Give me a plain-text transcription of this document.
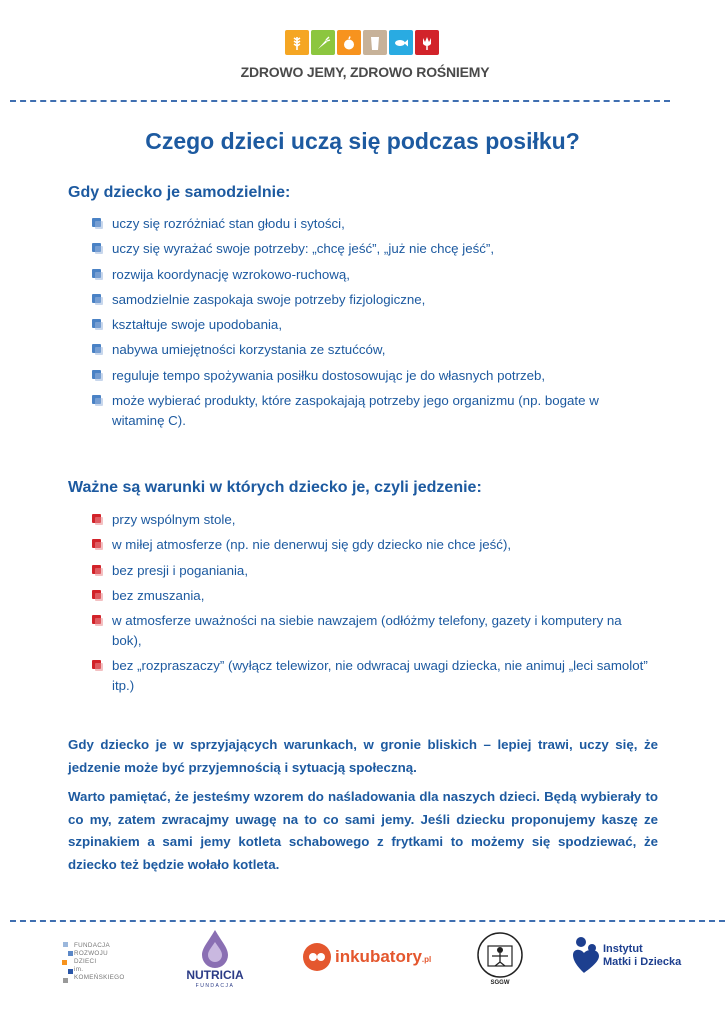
ZDROWO JEMY, ZDROWO ROŚNIEMY
Czego dzieci uczą się podczas posiłku?
Gdy dziecko je samodzielnie:
uczy się rozróżniać stan głodu i sytości,
uczy się wyrażać swoje potrzeby: „chcę jeść”, „już nie chcę jeść”,
rozwija koordynację wzrokowo-ruchową,
samodzielnie zaspokaja swoje potrzeby fizjologiczne,
kształtuje swoje upodobania,
nabywa umiejętności korzystania ze sztućców,
reguluje tempo spożywania posiłku dostosowując je do własnych potrzeb,
może wybierać produkty, które zaspokajają potrzeby jego organizmu (np. bogate w witaminę C).
Ważne są warunki w których dziecko je, czyli jedzenie:
przy wspólnym stole,
w miłej atmosferze (np. nie denerwuj się gdy dziecko nie chce jeść),
bez presji i poganiania,
bez zmuszania,
w atmosferze uważności na siebie nawzajem (odłóżmy telefony, gazety i komputery na bok),
bez „rozpraszaczy” (wyłącz telewizor, nie odwracaj uwagi dziecka, nie animuj „leci samolot” itp.)

Gdy dziecko je w sprzyjających warunkach, w gronie bliskich – lepiej trawi, uczy się, że jedzenie może być przyjemnością i sytuacją społeczną.

Warto pamiętać, że jesteśmy wzorem do naśladowania dla naszych dzieci. Będą wybierały to co my, zatem zwracajmy uwagę na to co sami jemy. Jeśli dziecku proponujemy kaszę ze szpinakiem a sami jemy kotleta schabowego z frytkami to możemy się spodziewać, że dziecko też będzie wołało kotleta.

FUNDACJA
ROZWOJU DZIECI
im. KOMEŃSKIEGO	NUTRICIA
FUNDACJA
inkubatory.pl
SGGW
Instytut
Matki i Dziecka
